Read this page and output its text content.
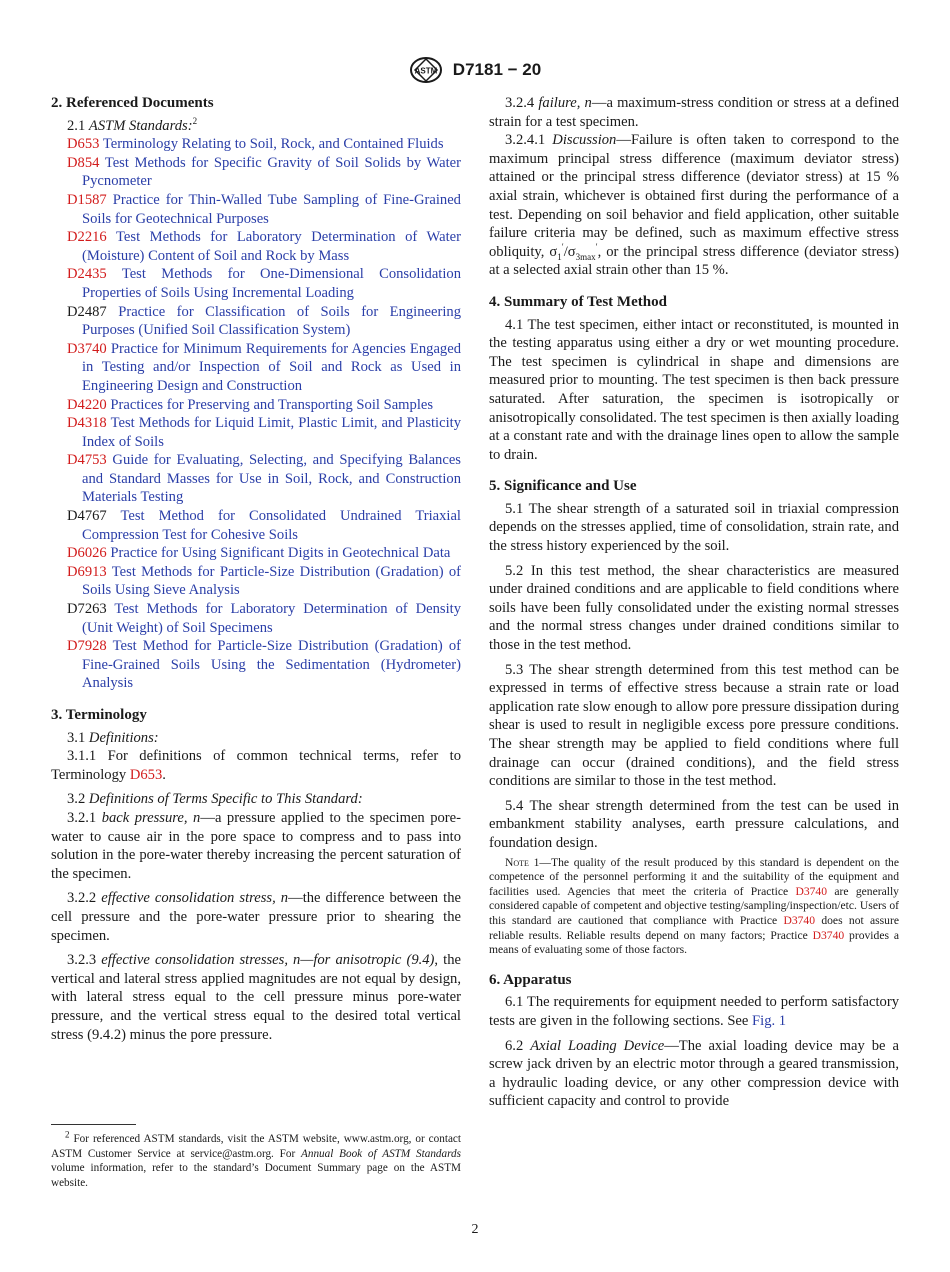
ASTM D7181 − 20

2. Referenced Documents

2.1 ASTM Standards:$^2$

D653 Terminology Relating to Soil, Rock, and Contained Fluids

D854 Test Methods for Specific Gravity of Soil Solids by Water Pycnometer

D1587 Practice for Thin-Walled Tube Sampling of Fine-Grained Soils for Geotechnical Purposes

D2216 Test Methods for Laboratory Determination of Water (Moisture) Content of Soil and Rock by Mass

D2435 Test Methods for One-Dimensional Consolidation Properties of Soils Using Incremental Loading

D2487 Practice for Classification of Soils for Engineering Purposes (Unified Soil Classification System)

D3740 Practice for Minimum Requirements for Agencies Engaged in Testing and/or Inspection of Soil and Rock as Used in Engineering Design and Construction

D4220 Practices for Preserving and Transporting Soil Samples

D4318 Test Methods for Liquid Limit, Plastic Limit, and Plasticity Index of Soils

D4753 Guide for Evaluating, Selecting, and Specifying Balances and Standard Masses for Use in Soil, Rock, and Construction Materials Testing

D4767 Test Method for Consolidated Undrained Triaxial Compression Test for Cohesive Soils

D6026 Practice for Using Significant Digits in Geotechnical Data

D6913 Test Methods for Particle-Size Distribution (Gradation) of Soils Using Sieve Analysis

D7263 Test Methods for Laboratory Determination of Density (Unit Weight) of Soil Specimens

D7928 Test Method for Particle-Size Distribution (Gradation) of Fine-Grained Soils Using the Sedimentation (Hydrometer) Analysis

3. Terminology

3.1 Definitions:

3.1.1 For definitions of common technical terms, refer to Terminology D653.

3.2 Definitions of Terms Specific to This Standard:

3.2.1 back pressure, n—a pressure applied to the specimen pore-water to cause air in the pore space to compress and to pass into solution in the pore-water thereby increasing the percent saturation of the specimen.

3.2.2 effective consolidation stress, n—the difference between the cell pressure and the pore-water pressure prior to shearing the specimen.

3.2.3 effective consolidation stresses, n—for anisotropic (9.4), the vertical and lateral stress applied magnitudes are not equal by design, with lateral stress equal to the cell pressure minus pore-water pressure, and the vertical stress equal to the desired total vertical stress (9.4.2) minus the pore pressure.

$^2$ For referenced ASTM standards, visit the ASTM website, www.astm.org, or contact ASTM Customer Service at service@astm.org. For Annual Book of ASTM Standards volume information, refer to the standard’s Document Summary page on the ASTM website.

3.2.4 failure, n—a maximum-stress condition or stress at a defined strain for a test specimen.

3.2.4.1 Discussion—Failure is often taken to correspond to the maximum principal stress difference (maximum deviator stress) attained or the principal stress difference (deviator stress) at 15 % axial strain, whichever is obtained first during the performance of a test. Depending on soil behavior and field application, other suitable failure criteria may be defined, such as maximum effective stress obliquity, $\sigma_1'/\sigma_{3max}'$, or the principal stress difference (deviator stress) at a selected axial strain other than 15 %.

4. Summary of Test Method

4.1 The test specimen, either intact or reconstituted, is mounted in the testing apparatus using either a dry or wet mounting procedure. The test specimen is cylindrical in shape and dimensions are measured prior to mounting. The test specimen is then back pressure saturated. After saturation, the specimen is isotropically or anisotropically consolidated. The test specimen is then axially loading at a constant rate and with the drainage lines open to allow the sample to drain.

5. Significance and Use

5.1 The shear strength of a saturated soil in triaxial compression depends on the stresses applied, time of consolidation, strain rate, and the stress history experienced by the soil.

5.2 In this test method, the shear characteristics are measured under drained conditions and are applicable to field conditions where soils have been fully consolidated under the existing normal stresses and the normal stress changes under drained conditions similar to those in the test method.

5.3 The shear strength determined from this test method can be expressed in terms of effective stress because a strain rate or load application rate slow enough to allow pore pressure dissipation during shear is used to result in negligible excess pore pressure conditions. The shear strength may be applied to field conditions where full drainage can occur (drained conditions), and the field stress conditions are similar to those in the test method.

5.4 The shear strength determined from the test can be used in embankment stability analyses, earth pressure calculations, and foundation design.

Note 1—The quality of the result produced by this standard is dependent on the competence of the personnel performing it and the suitability of the equipment and facilities used. Agencies that meet the criteria of Practice D3740 are generally considered capable of competent and objective testing/sampling/inspection/etc. Users of this standard are cautioned that compliance with Practice D3740 does not assure reliable results. Reliable results depend on many factors; Practice D3740 provides a means of evaluating some of those factors.

6. Apparatus

6.1 The requirements for equipment needed to perform satisfactory tests are given in the following sections. See Fig. 1

6.2 Axial Loading Device—The axial loading device may be a screw jack driven by an electric motor through a geared transmission, a hydraulic loading device, or any other compression device with sufficient capacity and control to provide

2
